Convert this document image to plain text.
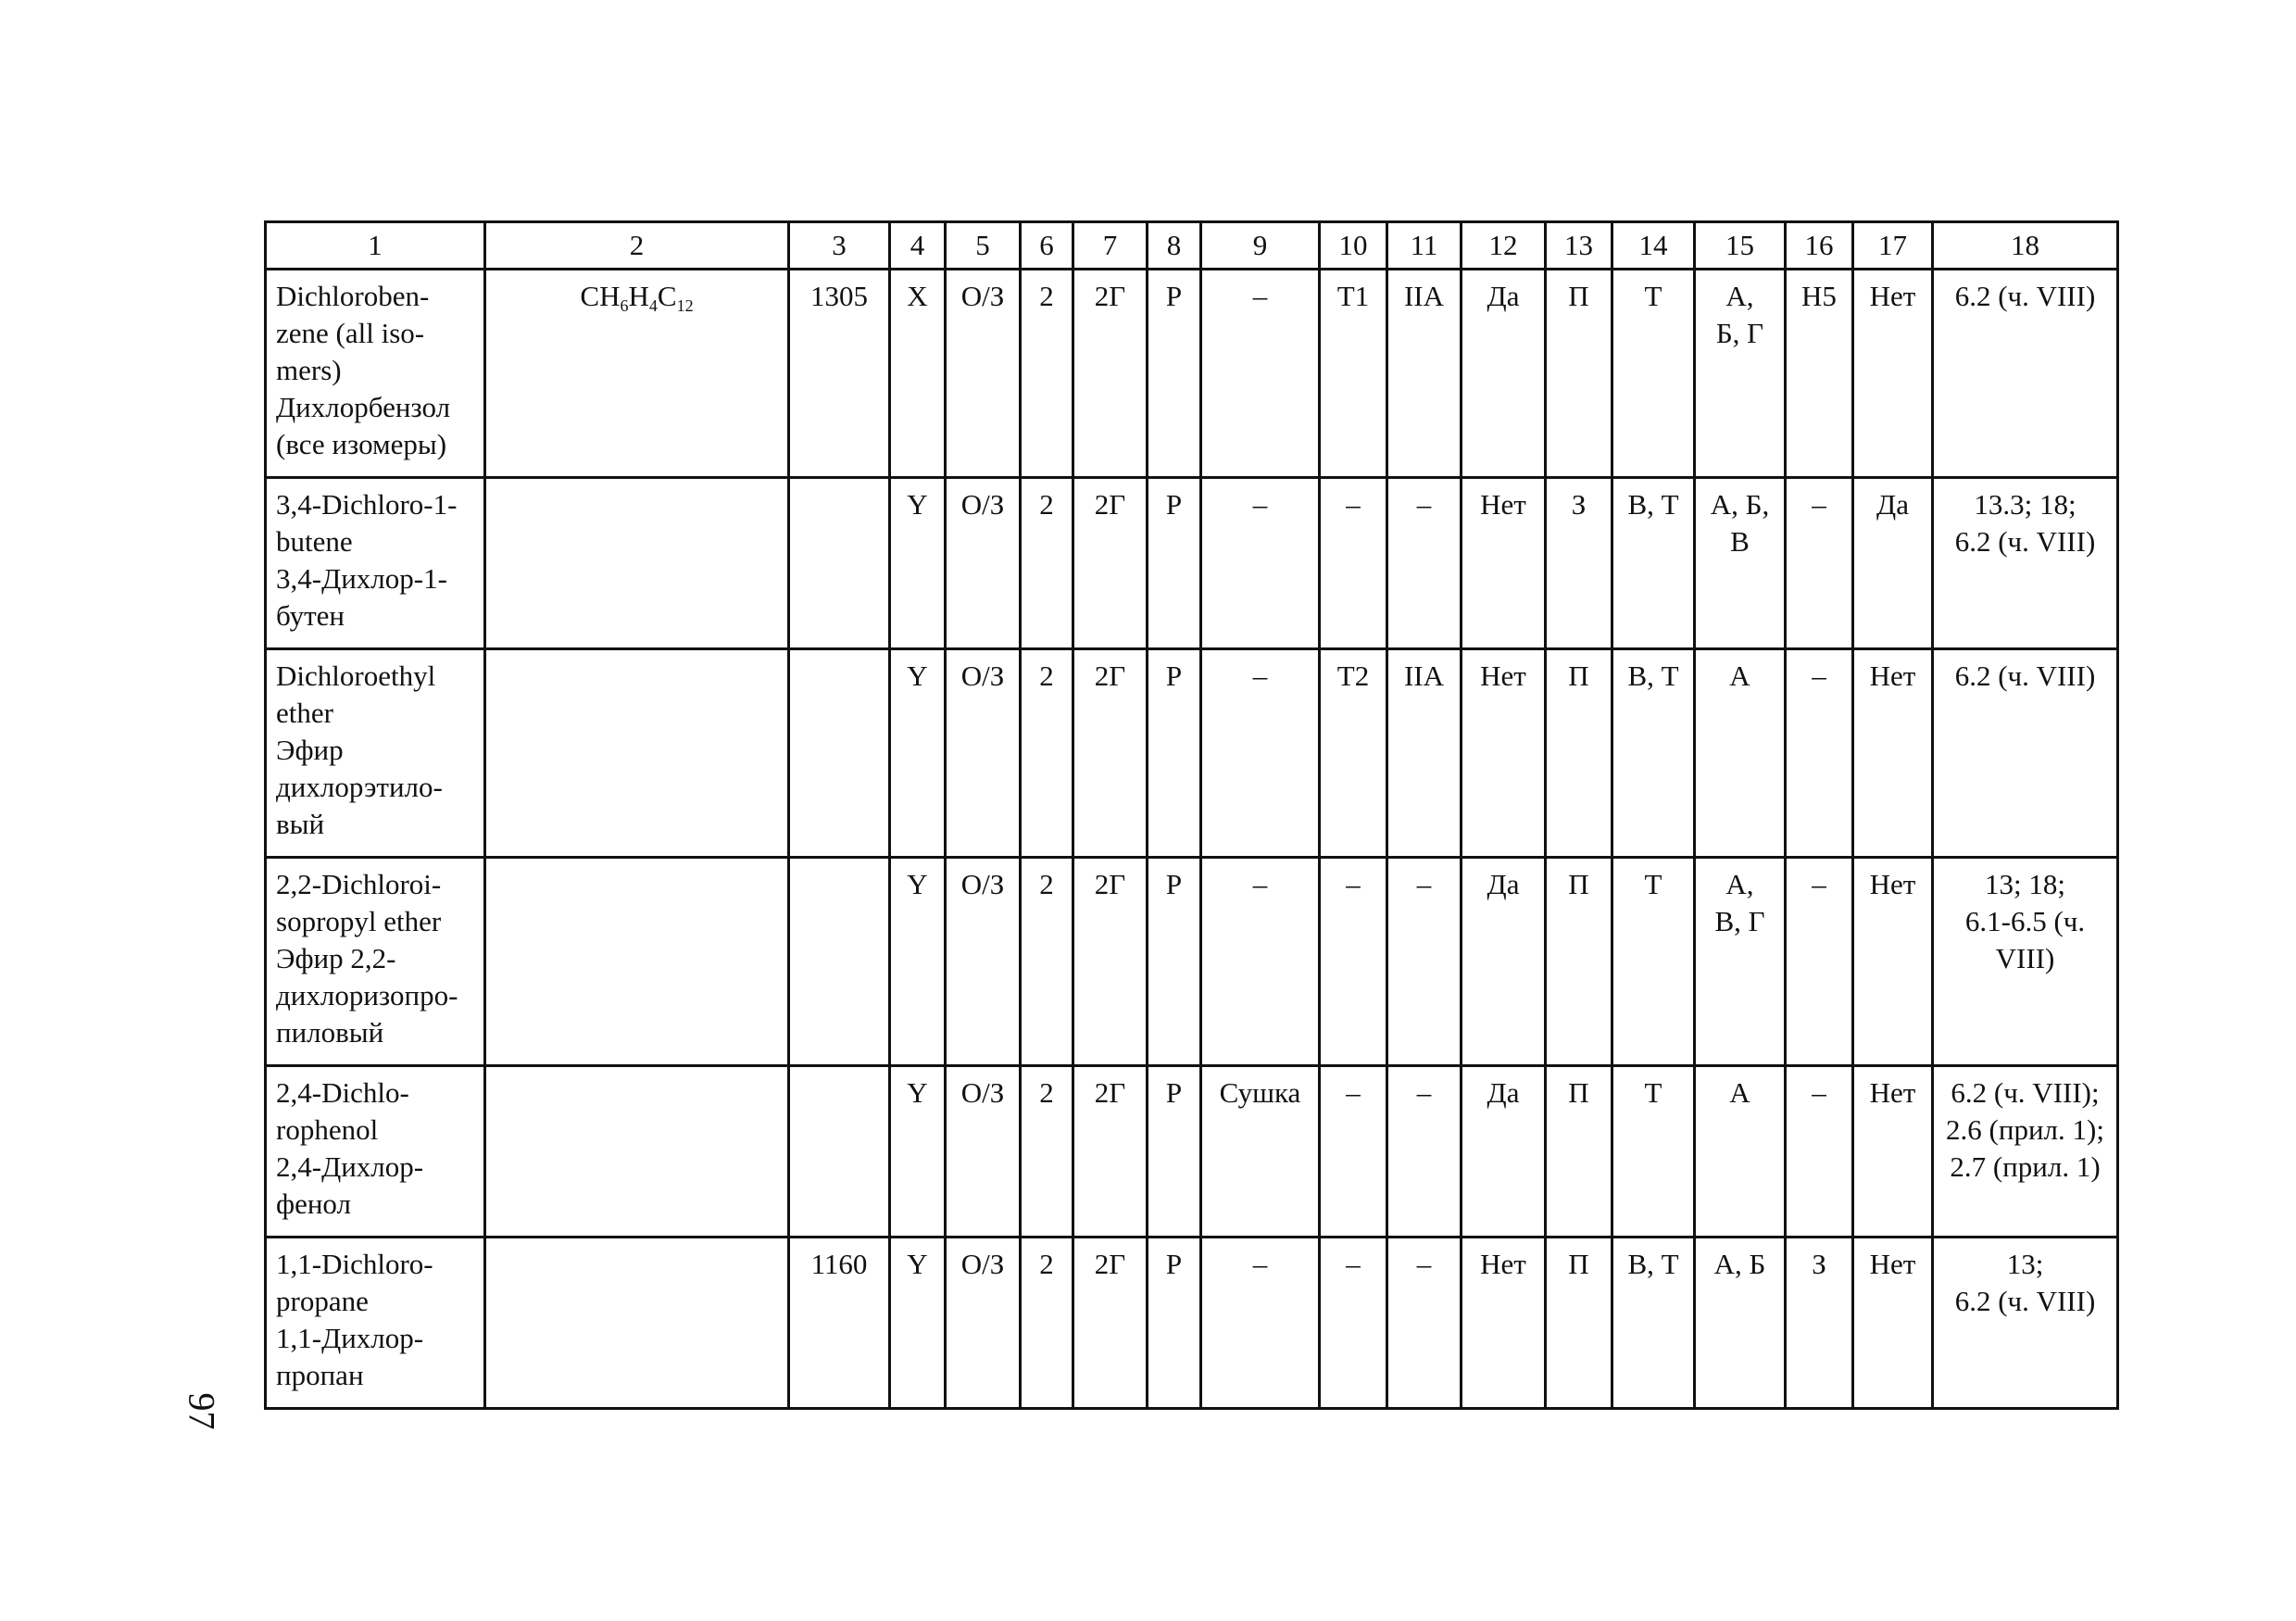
1	2	3	4	5	6	7	8	9	10	11	12	13	14	15	16	17	18

Dichloroben-
zene (all iso-
mers)
Дихлорбензол
(все изомеры)	$CH_6H_4C_{12}$	1305	X	О/З	2	2Г	Р	–	Т1	IIА	Да	П	Т	А,
Б, Г	Н5	Нет	6.2 (ч. VIII)

3,4-Dichloro-1-
butene
3,4-Дихлор-1-
бутен			Y	О/З	2	2Г	Р	–	–	–	Нет	З	В, Т	А, Б,
В	–	Да	13.3; 18;
6.2 (ч. VIII)

Dichloroethyl
ether
Эфир
дихлорэтило-
вый			Y	О/З	2	2Г	Р	–	Т2	IIА	Нет	П	В, Т	А	–	Нет	6.2 (ч. VIII)

2,2-Dichloroi-
sopropyl ether
Эфир 2,2-
дихлоризопро-
пиловый			Y	О/З	2	2Г	Р	–	–	–	Да	П	Т	А,
В, Г	–	Нет	13; 18;
6.1-6.5 (ч.
VIII)

2,4-Dichlo-
rophenol
2,4-Дихлор-
фенол			Y	О/З	2	2Г	Р	Сушка	–	–	Да	П	Т	А	–	Нет	6.2 (ч. VIII);
2.6 (прил. 1);
2.7 (прил. 1)

1,1-Dichloro-
propane
1,1-Дихлор-
пропан		1160	Y	О/З	2	2Г	Р	–	–	–	Нет	П	В, Т	А, Б	З	Нет	13;
6.2 (ч. VIII)
97
